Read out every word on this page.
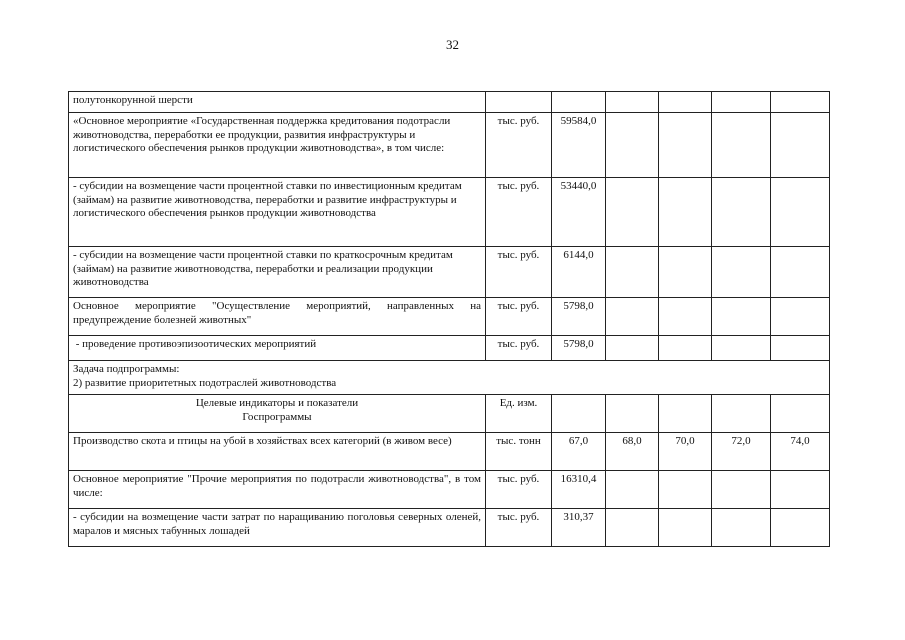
32
полутонкорунной шерсти						
«Основное мероприятие «Государственная поддержка кредитования подотрасли животноводства, переработки ее продукции, развития инфраструктуры и логистического обеспечения рынков продукции животноводства», в том числе:	тыс. руб.	59584,0				
- субсидии на возмещение части процентной ставки по инвестиционным кредитам (займам) на развитие животноводства, переработки и развитие инфраструктуры и логистического обеспечения рынков продукции животноводства	тыс. руб.	53440,0				
- субсидии на возмещение части процентной ставки по краткосрочным кредитам (займам) на развитие животноводства, переработки и реализации продукции животноводства	тыс. руб.	6144,0				
Основное мероприятие "Осуществление мероприятий, направленных на предупреждение болезней животных"	тыс. руб.	5798,0				
- проведение противоэпизоотических мероприятий	тыс. руб.	5798,0				

Задача подпрограммы:
2) развитие приоритетных подотраслей животноводства						

Целевые индикаторы и показатели
Госпрограммы	Ед. изм.					
Производство скота и птицы на убой в хозяйствах всех категорий (в живом весе)	тыс. тонн	67,0	68,0	70,0	72,0	74,0
Основное мероприятие "Прочие мероприятия по подотрасли животноводства", в том числе:	тыс. руб.	16310,4				
- субсидии на возмещение части затрат по наращиванию поголовья северных оленей, маралов и мясных табунных лошадей	тыс. руб.	310,37				
